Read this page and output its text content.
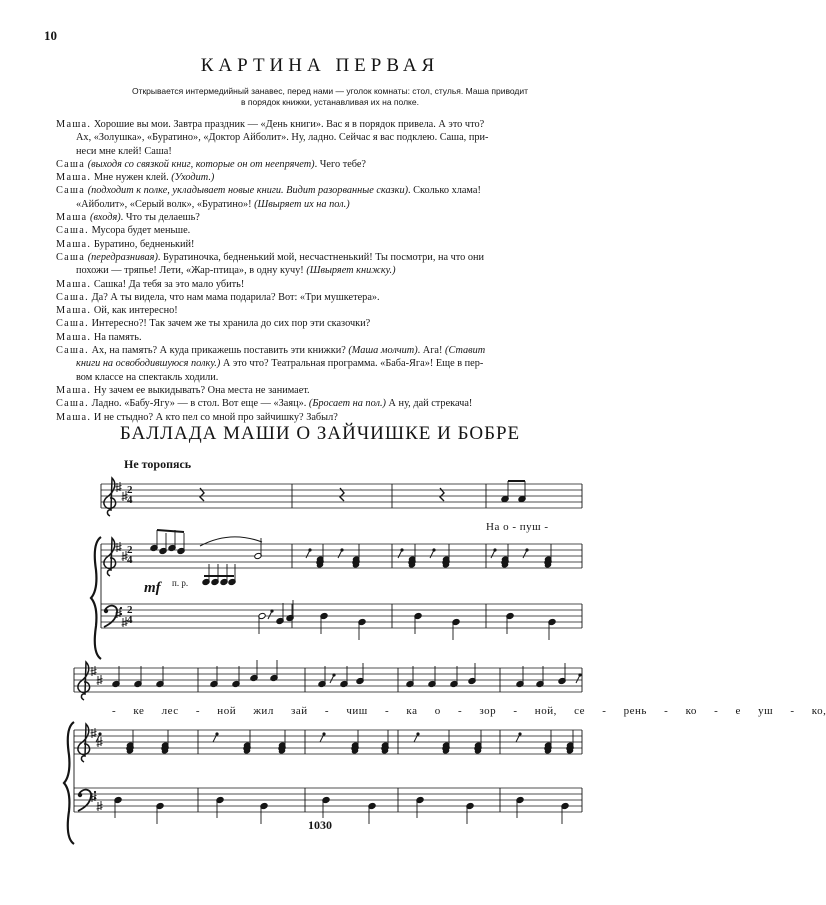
10
КАРТИНА ПЕРВАЯ
Открывается интермедийный занавес, перед нами — уголок комнаты: стол, стулья. Маша приводит
в порядок книжки, устанавливая их на полке.
Маша. Хорошие вы мои. Завтра праздник — «День книги». Вас я в порядок привела. А это что?
Ах, «Золушка», «Буратино», «Доктор Айболит». Ну, ладно. Сейчас я вас подклею. Саша, при-
неси мне клей! Саша!
Саша (выходя со связкой книг, которые он от неепрячет). Чего тебе?
Маша. Мне нужен клей. (Уходит.)
Саша (подходит к полке, укладывает новые книги. Видит разорванные сказки). Сколько хлама!
«Айболит», «Серый волк», «Буратино»! (Швыряет их на пол.)
Маша (входя). Что ты делаешь?
Саша. Мусора будет меньше.
Маша. Буратино, бедненький!
Саша (передразнивая). Буратиночка, бедненький мой, несчастненький! Ты посмотри, на что они
похожи — тряпье! Лети, «Жар-птица», в одну кучу! (Швыряет книжку.)
Маша. Сашка! Да тебя за это мало убить!
Саша. Да? А ты видела, что нам мама подарила? Вот: «Три мушкетера».
Маша. Ой, как интересно!
Саша. Интересно?! Так зачем же ты хранила до сих пор эти сказочки?
Маша. На память.
Саша. Ах, на память? А куда прикажешь поставить эти книжки? (Маша молчит). Ага! (Ставит
книги на освободившуюся полку.) А это что? Театральная программа. «Баба-Яга»! Еще в пер-
вом классе на спектакль ходили.
Маша. Ну зачем ее выкидывать? Она места не занимает.
Саша. Ладно. «Бабу-Ягу» — в стол. Вот еще — «Заяц». (Бросает на пол.) А ну, дай стрекача!
Маша. И не стыдно? А кто пел со мной про зайчишку? Забыл?
БАЛЛАДА МАШИ О ЗАЙЧИШКЕ И БОБРЕ
Не торопясь
2
4
2
4
2
4
mf п. р.
На о - пуш -
- ке лес - ной жил зай - чиш - ка о - зор - ной, се - рень - ко - е уш - ко,
1030
